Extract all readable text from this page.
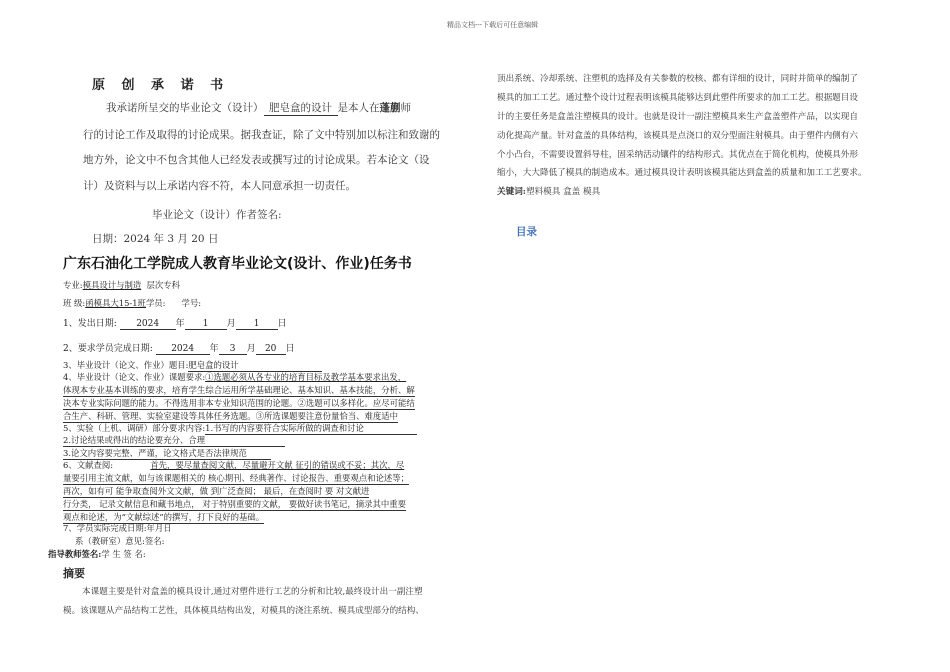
精品文档---下载后可任意编辑
原 创 承 诺 书
我承诺所呈交的毕业论文（设计） 肥皂盒的设计 是本人在蓬蒯师
行的讨论工作及取得的讨论成果。据我查证，除了文中特别加以标注和致谢的
地方外，论文中不包含其他人已经发表或撰写过的讨论成果。若本论文（设
计）及资料与以上承诺内容不符，本人同意承担一切责任。
毕业论文（设计）作者签名:
日期：2024 年 3 月 20 日
广东石油化工学院成人教育毕业论文(设计、作业)任务书
专业:模具设计与制造 层次专科
班 级:函模具大15-1班学员: 学号:
1、发出日期: 2024 年 1 月 1 日
2、要求学员完成日期: 2024 年 3 月 20 日
3、毕业设计（论文、作业）题目:肥皂盒的设计
4、毕业设计（论文、作业）课题要求:①选题必须从各专业的培育目标及教学基本要求出发，
体现本专业基本训练的要求，培育学生综合运用所学基础理论、基本知识、基本技能，分析、解
决本专业实际问题的能力。不得选用非本专业知识范围的论题。②选题可以多样化。应尽可能结
合生产、科研、管理、实验室建设等具体任务选题。③所选课题要注意份量恰当、难度适中
5、实验（上机、调研）部分要求内容:1.书写的内容要符合实际所做的调查和讨论
2.讨论结果或得出的结论要充分、合理
3.论文内容要完整、严谨，论文格式是否法律规范
6、文献查阅:	首先，要尽量查阅文献，尽量避开文献 征引的错误或不妥；其次，尽
量要引用主流文献，如与该课题相关的 核心期刊、经典著作、讨论报告、重要观点和论述等；
再次，如有可 能争取查阅外文文献，做 到广泛查阅； 最后，在查阅时 要 对文献进
行分类， 记录文献信息和藏书地点， 对于特别重要的文献， 要做好读书笔记，摘录其中重要
观点和论述，为“文献综述”的撰写，打下良好的基础。
7、学员实际完成日期:年月日
系（教研室）意见:签名:
指导教师签名:学 生 签 名:
摘要
本课题主要是针对盒盖的模具设计,通过对塑件进行工艺的分析和比较,最终设计出一副注塑
模。该课题从产品结构工艺性，具体模具结构出发，对模具的浇注系统、模具成型部分的结构、
顶出系统、冷却系统、注塑机的选择及有关参数的校核、都有详细的设计，同时并简单的编制了
模具的加工工艺。通过整个设计过程表明该模具能够达到此塑件所要求的加工工艺。根据题目设
计的主要任务是盒盖注塑模具的设计。也就是设计一副注塑模具来生产盒盖塑件产品，以实现自
动化提高产量。针对盒盖的具体结构，该模具是点浇口的双分型面注射模具。由于塑件内侧有六
个小凸台，不需要设置斜导柱，固采纳活动镶件的结构形式。其优点在于简化机构，使模具外形
缩小，大大降低了模具的制造成本。通过模具设计表明该模具能达到盒盖的质量和加工工艺要求。
关键词:塑料模具 盒盖 模具
目录
